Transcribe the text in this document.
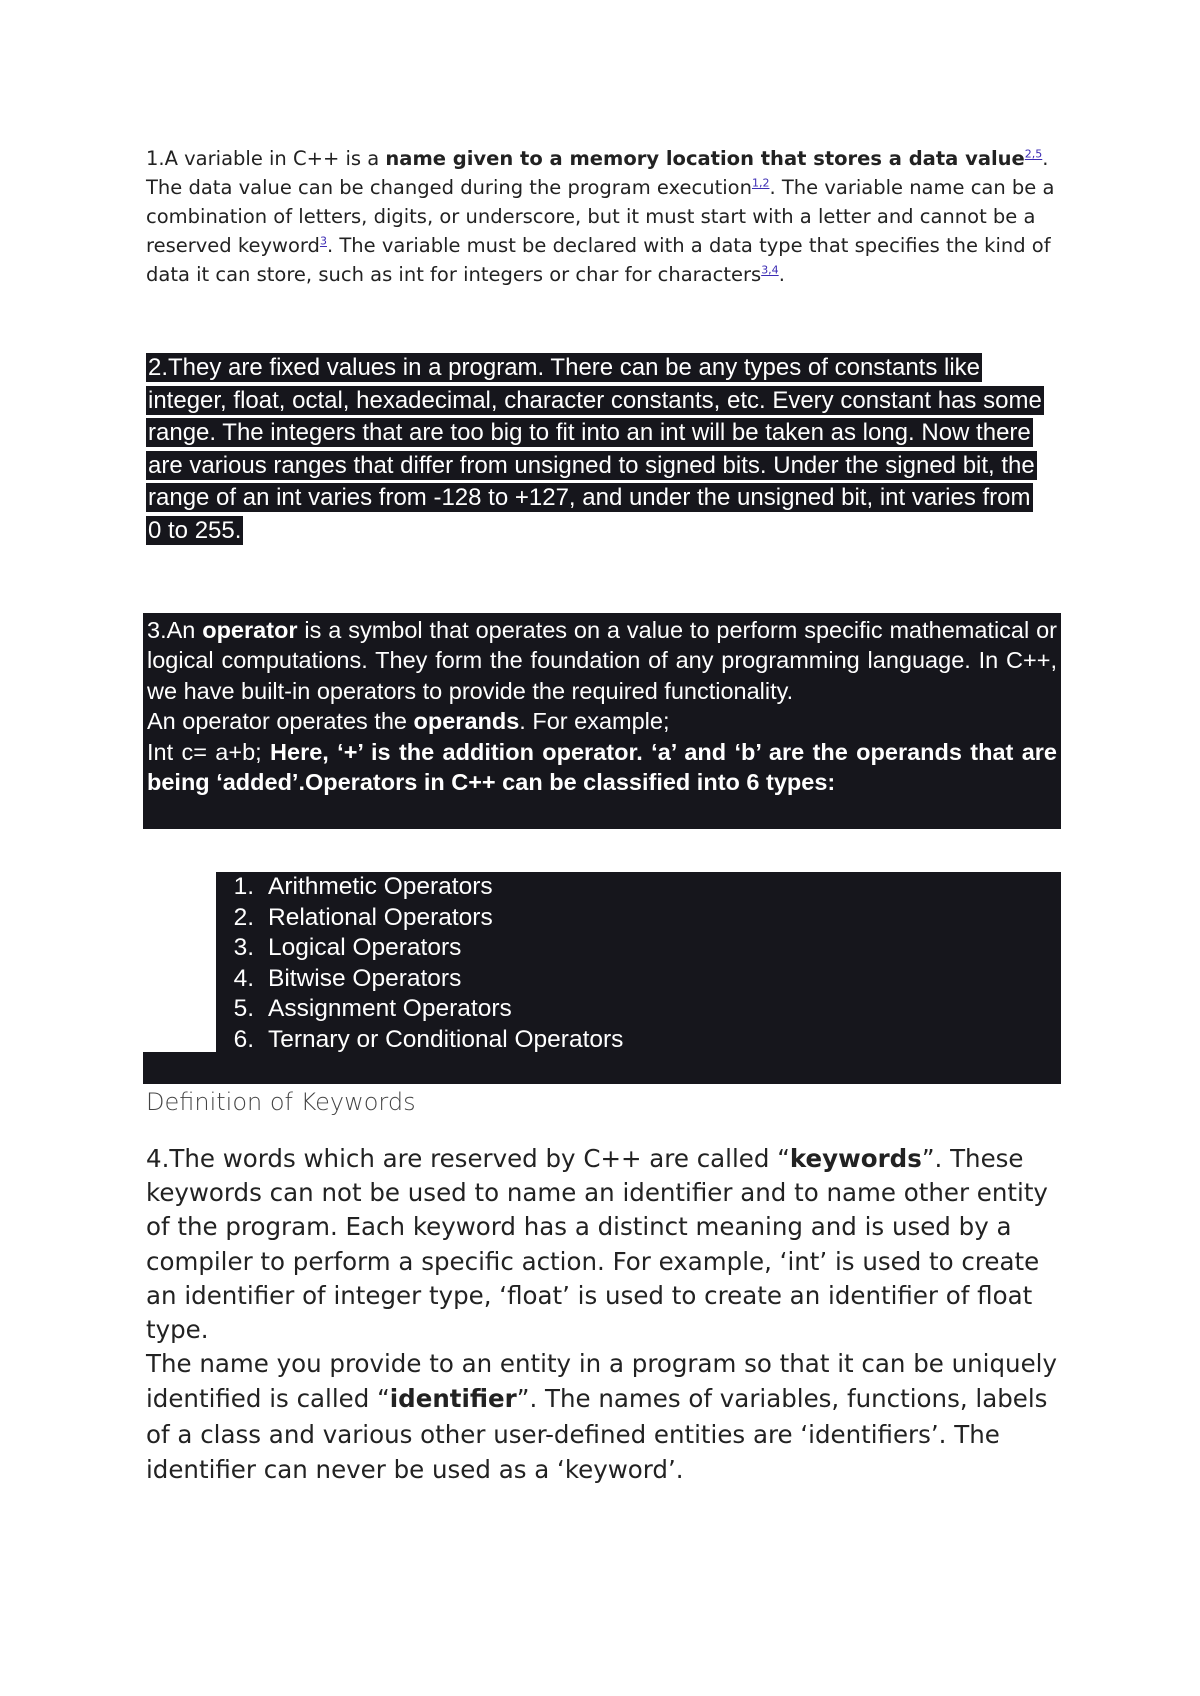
1.A variable in C++ is a name given to a memory location that stores a data value$^{2,5}$. The data value can be changed during the program execution$^{1,2}$. The variable name can be a combination of letters, digits, or underscore, but it must start with a letter and cannot be a reserved keyword$^3$. The variable must be declared with a data type that specifies the kind of data it can store, such as int for integers or char for characters$^{3,4}$.

2.They are fixed values in a program. There can be any types of constants like integer, float, octal, hexadecimal, character constants, etc. Every constant has some range. The integers that are too big to fit into an int will be taken as long. Now there are various ranges that differ from unsigned to signed bits. Under the signed bit, the range of an int varies from -128 to +127, and under the unsigned bit, int varies from 0 to 255.

3.An operator is a symbol that operates on a value to perform specific mathematical or logical computations. They form the foundation of any programming language. In C++, we have built-in operators to provide the required functionality.

An operator operates the operands. For example;

Int c= a+b; Here, ‘+’ is the addition operator. ‘a’ and ‘b’ are the operands that are being ‘added’.Operators in C++ can be classified into 6 types:

1. Arithmetic Operators
2. Relational Operators
3. Logical Operators
4. Bitwise Operators
5. Assignment Operators
6. Ternary or Conditional Operators
Definition of Keywords

4.The words which are reserved by C++ are called “keywords”. These keywords can not be used to name an identifier and to name other entity of the program. Each keyword has a distinct meaning and is used by a compiler to perform a specific action. For example, ‘int’ is used to create an identifier of integer type, ‘float’ is used to create an identifier of float type.

The name you provide to an entity in a program so that it can be uniquely identified is called “identifier”. The names of variables, functions, labels of a class and various other user-defined entities are ‘identifiers’. The identifier can never be used as a ‘keyword’.
